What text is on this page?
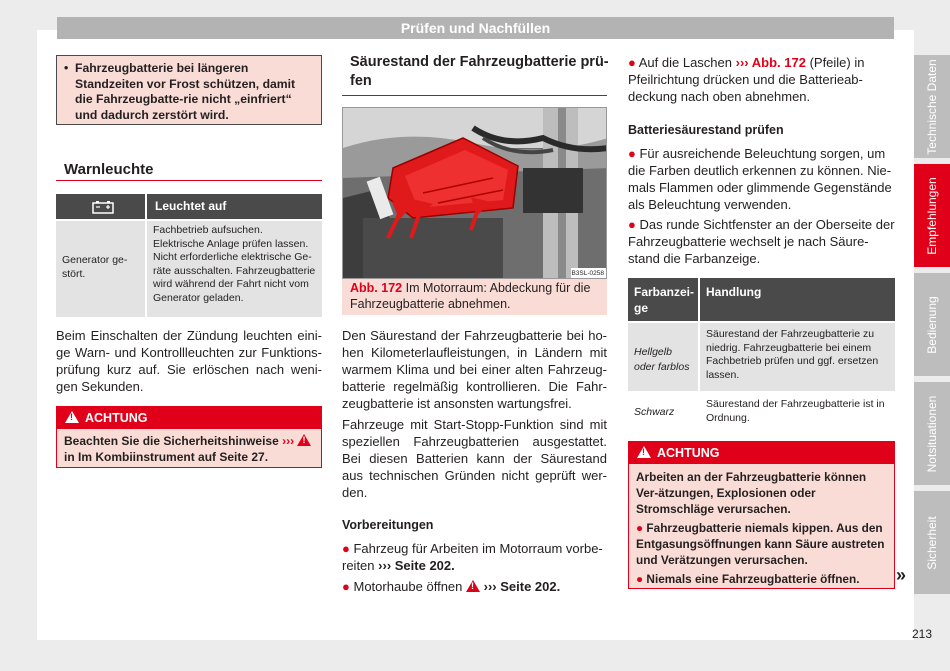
Prüfen und Nachfüllen
Technische Daten
Empfehlungen
Bedienung
Notsituationen
Sicherheit
213
• Fahrzeugbatterie bei längeren Standzeiten vor Frost schützen, damit die Fahrzeugbatte-rie nicht „einfriert“ und dadurch zerstört wird.
Warnleuchte
Leuchtet auf
Generator ge-stört.
Fachbetrieb aufsuchen. Elektrische Anlage prüfen lassen. Nicht erforderliche elektrische Ge-räte ausschalten. Fahrzeugbatterie wird während der Fahrt nicht vom Generator geladen.
Beim Einschalten der Zündung leuchten eini-ge Warn- und Kontrollleuchten zur Funktions-prüfung kurz auf. Sie erlöschen nach weni-gen Sekunden.
!ACHTUNG
Beachten Sie die Sicherheitshinweise ››› ! in Im Kombiinstrument auf Seite 27.
Säurestand der Fahrzeugbatterie prü-fen
B3SL-0258
Abb. 172 Im Motorraum: Abdeckung für die Fahrzeugbatterie abnehmen.
Den Säurestand der Fahrzeugbatterie bei ho-hen Kilometerlaufleistungen, in Ländern mit warmem Klima und bei einer alten Fahrzeug-batterie regelmäßig kontrollieren. Die Fahr-zeugbatterie ist ansonsten wartungsfrei.
Fahrzeuge mit Start-Stopp-Funktion sind mit speziellen Fahrzeugbatterien ausgestattet. Bei diesen Batterien kann der Säurestand aus technischen Gründen nicht geprüft wer-den.
Vorbereitungen
● Fahrzeug für Arbeiten im Motorraum vorbe-reiten ››› Seite 202.
● Motorhaube öffnen ! ››› Seite 202.
● Auf die Laschen ››› Abb. 172 (Pfeile) in Pfeilrichtung drücken und die Batterieab-deckung nach oben abnehmen.
Batteriesäurestand prüfen
● Für ausreichende Beleuchtung sorgen, um die Farben deutlich erkennen zu können. Nie-mals Flammen oder glimmende Gegenstände als Beleuchtung verwenden.
● Das runde Sichtfenster an der Oberseite der Fahrzeugbatterie wechselt je nach Säure-stand die Farbanzeige.
Farbanzei-ge
Handlung
Hellgelb oder farblos
Säurestand der Fahrzeugbatterie zu niedrig. Fahrzeugbatterie bei einem Fachbetrieb prüfen und ggf. ersetzen lassen.
Schwarz
Säurestand der Fahrzeugbatterie ist in Ordnung.
!ACHTUNG
Arbeiten an der Fahrzeugbatterie können Ver-ätzungen, Explosionen oder Stromschläge verursachen.
● Fahrzeugbatterie niemals kippen. Aus den Entgasungsöffnungen kann Säure austreten und Verätzungen verursachen.
● Niemals eine Fahrzeugbatterie öffnen.	»
